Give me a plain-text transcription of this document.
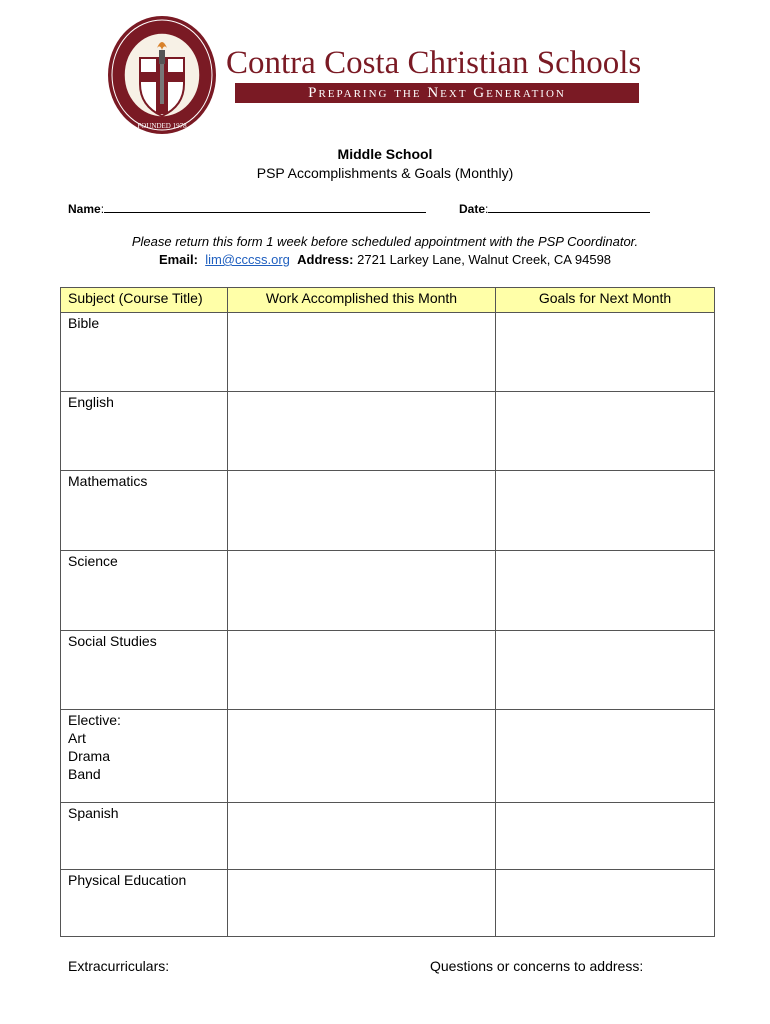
FOUNDED 1978
Contra Costa Christian Schools
Preparing the Next Generation
Middle School
PSP Accomplishments & Goals (Monthly)
Name:	Date:
Please return this form 1 week before scheduled appointment with the PSP Coordinator.
Email: lim@cccss.org Address: 2721 Larkey Lane, Walnut Creek, CA 94598
Subject (Course Title)	Work Accomplished this Month	Goals for Next Month
Bible		
English		
Mathematics		
Science		
Social Studies		
Elective:
Art
Drama
Band		
Spanish		
Physical Education		
Extracurriculars:	Questions or concerns to address:
